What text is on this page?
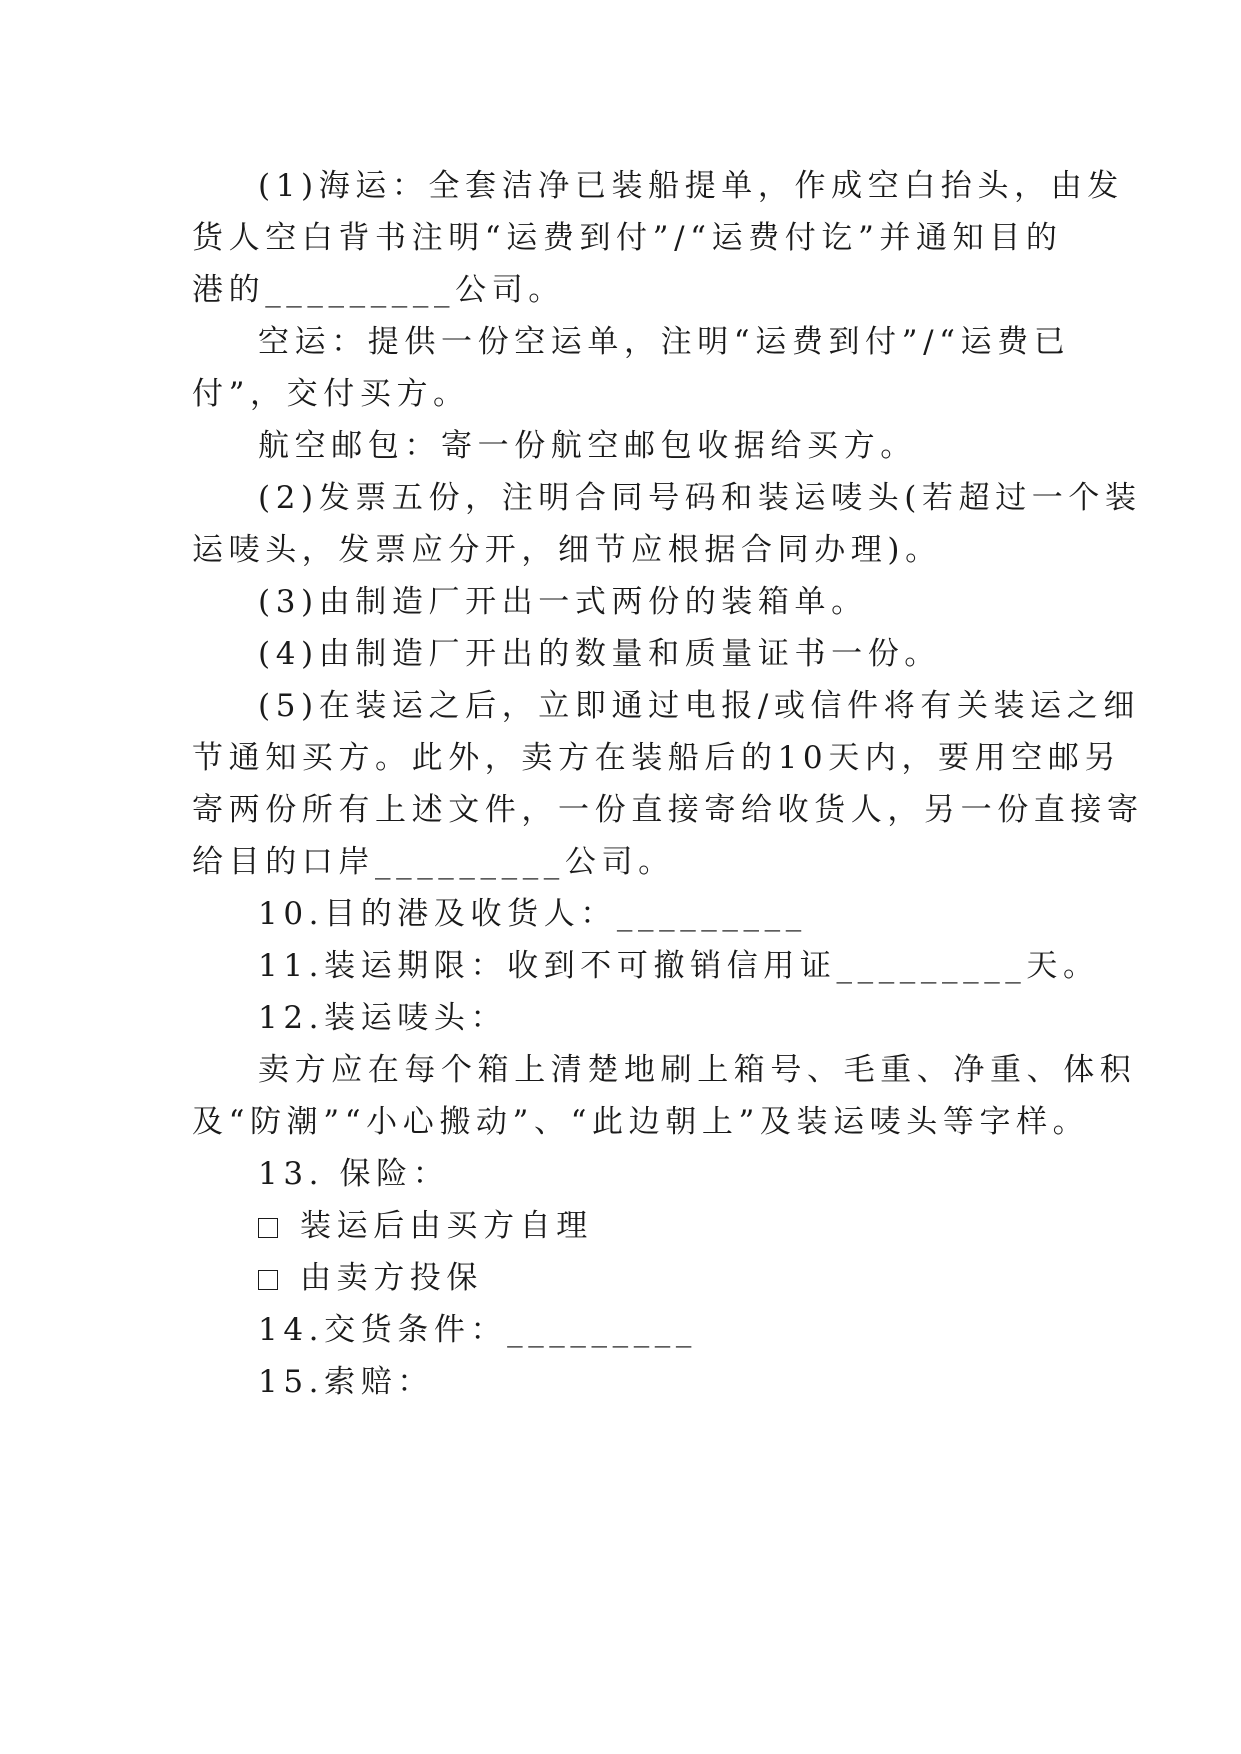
(1)海运：全套洁净已装船提单，作成空白抬头，由发
货人空白背书注明“运费到付”/“运费付讫”并通知目的
港的_________公司。
空运：提供一份空运单，注明“运费到付”/“运费已
付”，交付买方。
航空邮包：寄一份航空邮包收据给买方。
(2)发票五份，注明合同号码和装运唛头(若超过一个装
运唛头，发票应分开，细节应根据合同办理)。
(3)由制造厂开出一式两份的装箱单。
(4)由制造厂开出的数量和质量证书一份。
(5)在装运之后，立即通过电报/或信件将有关装运之细
节通知买方。此外，卖方在装船后的10天内，要用空邮另
寄两份所有上述文件，一份直接寄给收货人，另一份直接寄
给目的口岸_________公司。
10.目的港及收货人：_________
11.装运期限：收到不可撤销信用证_________天。
12.装运唛头：
卖方应在每个箱上清楚地刷上箱号、毛重、净重、体积
及“防潮”“小心搬动”、“此边朝上”及装运唛头等字样。
13. 保险：
装运后由买方自理
由卖方投保
14.交货条件：_________
15.索赔：
